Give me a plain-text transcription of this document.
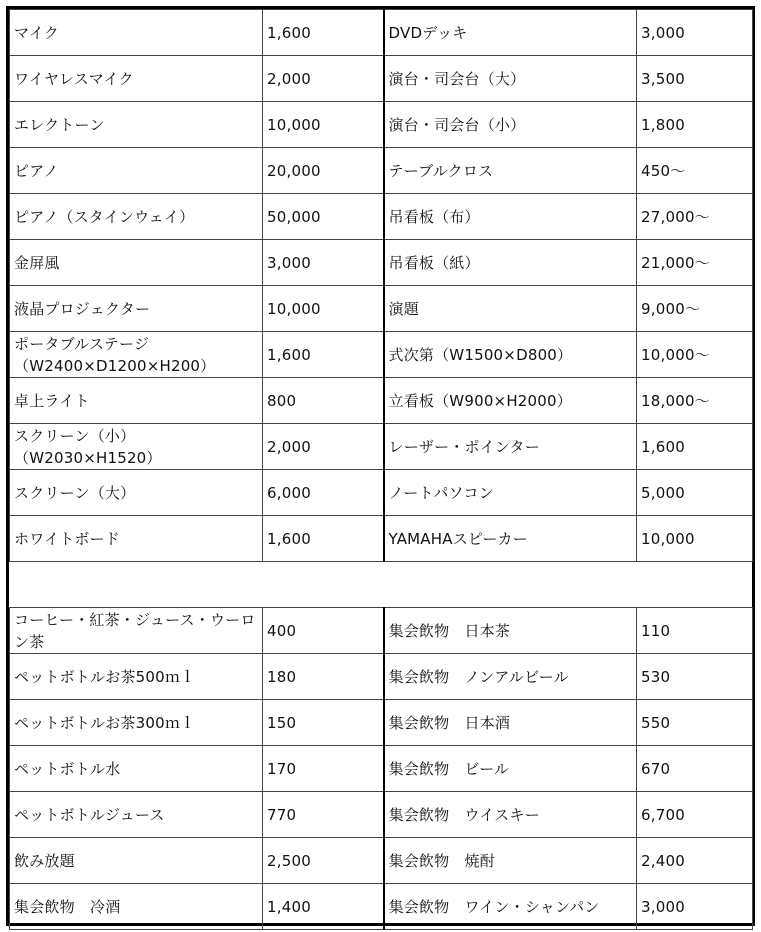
マイク	1,600	DVDデッキ	3,000
ワイヤレスマイク	2,000	演台・司会台（大）	3,500
エレクトーン	10,000	演台・司会台（小）	1,800
ピアノ	20,000	テーブルクロス	450～
ピアノ（スタインウェイ）	50,000	吊看板（布）	27,000～
金屏風	3,000	吊看板（紙）	21,000～
液晶プロジェクター	10,000	演題	9,000～
ポータブルステージ（W2400×D1200×H200）	1,600	式次第（W1500×D800）	10,000～
卓上ライト	800	立看板（W900×H2000）	18,000～
スクリーン（小）（W2030×H1520）	2,000	レーザー・ポインター	1,600
スクリーン（大）	6,000	ノートパソコン	5,000
ホワイトボード	1,600	YAMAHAスピーカー	10,000

コーヒー・紅茶・ジュース・ウーロン茶	400	集会飲物　日本茶	110
ペットボトルお茶500ｍｌ	180	集会飲物　ノンアルビール	530
ペットボトルお茶300ｍｌ	150	集会飲物　日本酒	550
ペットボトル水	170	集会飲物　ビール	670
ペットボトルジュース	770	集会飲物　ウイスキー	6,700
飲み放題	2,500	集会飲物　焼酎	2,400
集会飲物　冷酒	1,400	集会飲物　ワイン・シャンパン	3,000
